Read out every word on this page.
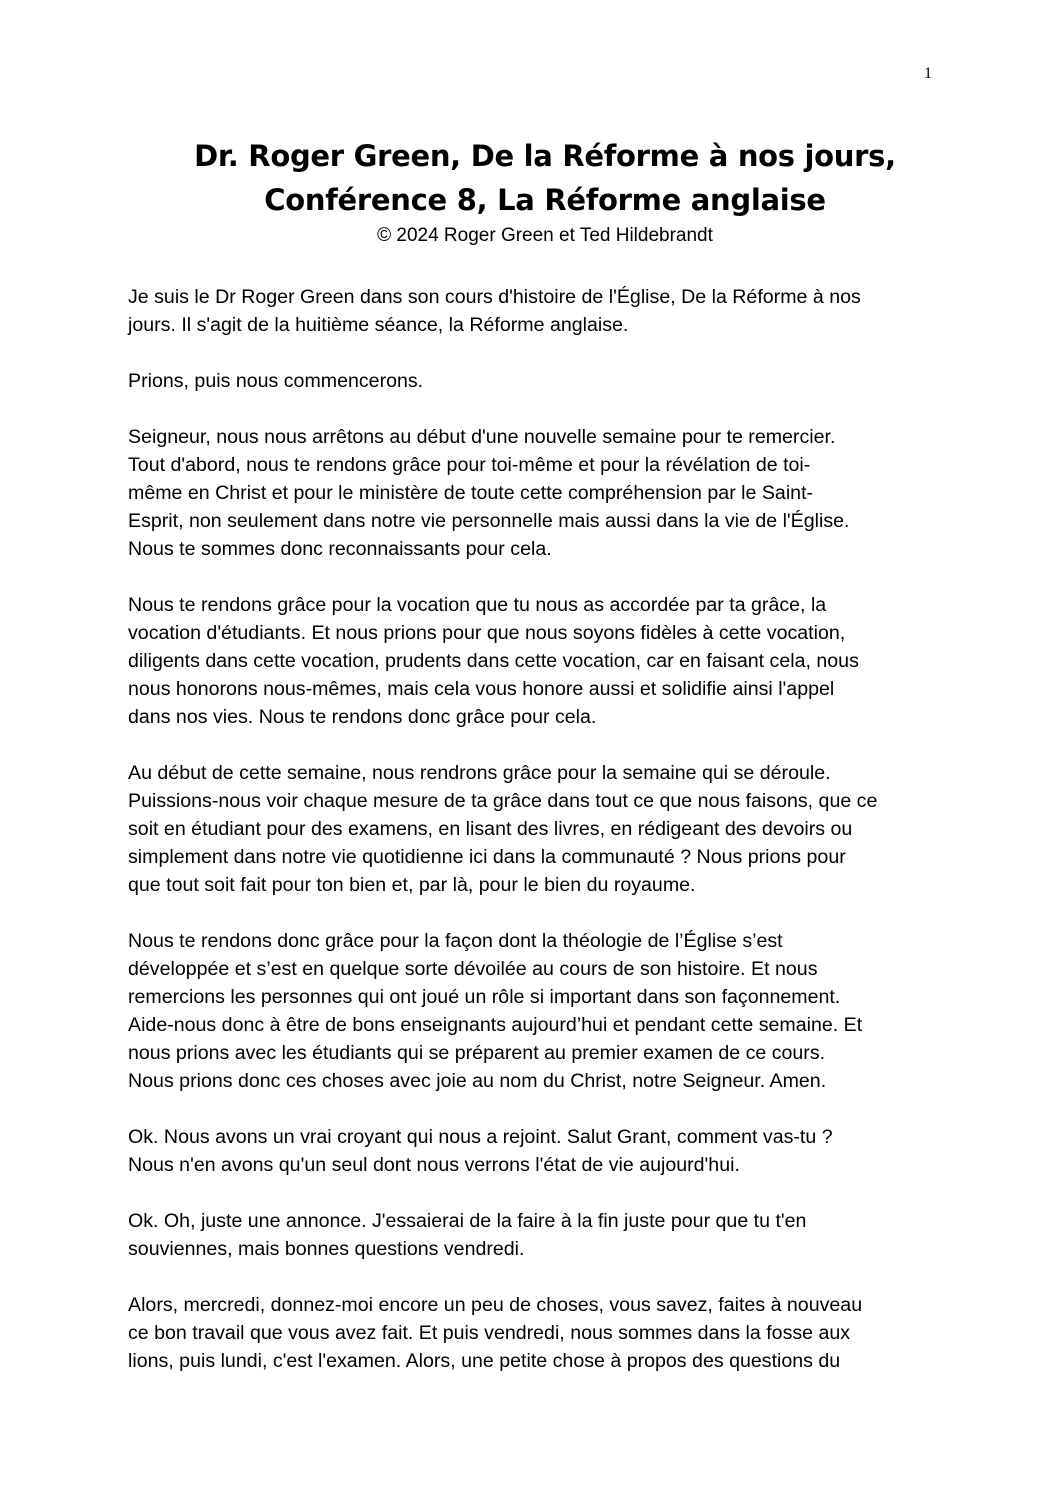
1
Dr. Roger Green, De la Réforme à nos jours,
Conférence 8, La Réforme anglaise
© 2024 Roger Green et Ted Hildebrandt

Je suis le Dr Roger Green dans son cours d'histoire de l'Église, De la Réforme à nos
jours. Il s'agit de la huitième séance, la Réforme anglaise.

Prions, puis nous commencerons.

Seigneur, nous nous arrêtons au début d'une nouvelle semaine pour te remercier.
Tout d'abord, nous te rendons grâce pour toi-même et pour la révélation de toi-
même en Christ et pour le ministère de toute cette compréhension par le Saint-
Esprit, non seulement dans notre vie personnelle mais aussi dans la vie de l'Église.
Nous te sommes donc reconnaissants pour cela.

Nous te rendons grâce pour la vocation que tu nous as accordée par ta grâce, la
vocation d'étudiants. Et nous prions pour que nous soyons fidèles à cette vocation,
diligents dans cette vocation, prudents dans cette vocation, car en faisant cela, nous
nous honorons nous-mêmes, mais cela vous honore aussi et solidifie ainsi l'appel
dans nos vies. Nous te rendons donc grâce pour cela.

Au début de cette semaine, nous rendrons grâce pour la semaine qui se déroule.
Puissions-nous voir chaque mesure de ta grâce dans tout ce que nous faisons, que ce
soit en étudiant pour des examens, en lisant des livres, en rédigeant des devoirs ou
simplement dans notre vie quotidienne ici dans la communauté ? Nous prions pour
que tout soit fait pour ton bien et, par là, pour le bien du royaume.

Nous te rendons donc grâce pour la façon dont la théologie de l’Église s’est
développée et s’est en quelque sorte dévoilée au cours de son histoire. Et nous
remercions les personnes qui ont joué un rôle si important dans son façonnement.
Aide-nous donc à être de bons enseignants aujourd’hui et pendant cette semaine. Et
nous prions avec les étudiants qui se préparent au premier examen de ce cours.
Nous prions donc ces choses avec joie au nom du Christ, notre Seigneur. Amen.

Ok. Nous avons un vrai croyant qui nous a rejoint. Salut Grant, comment vas-tu ?
Nous n'en avons qu'un seul dont nous verrons l'état de vie aujourd'hui.

Ok. Oh, juste une annonce. J'essaierai de la faire à la fin juste pour que tu t'en
souviennes, mais bonnes questions vendredi.

Alors, mercredi, donnez-moi encore un peu de choses, vous savez, faites à nouveau
ce bon travail que vous avez fait. Et puis vendredi, nous sommes dans la fosse aux
lions, puis lundi, c'est l'examen. Alors, une petite chose à propos des questions du
